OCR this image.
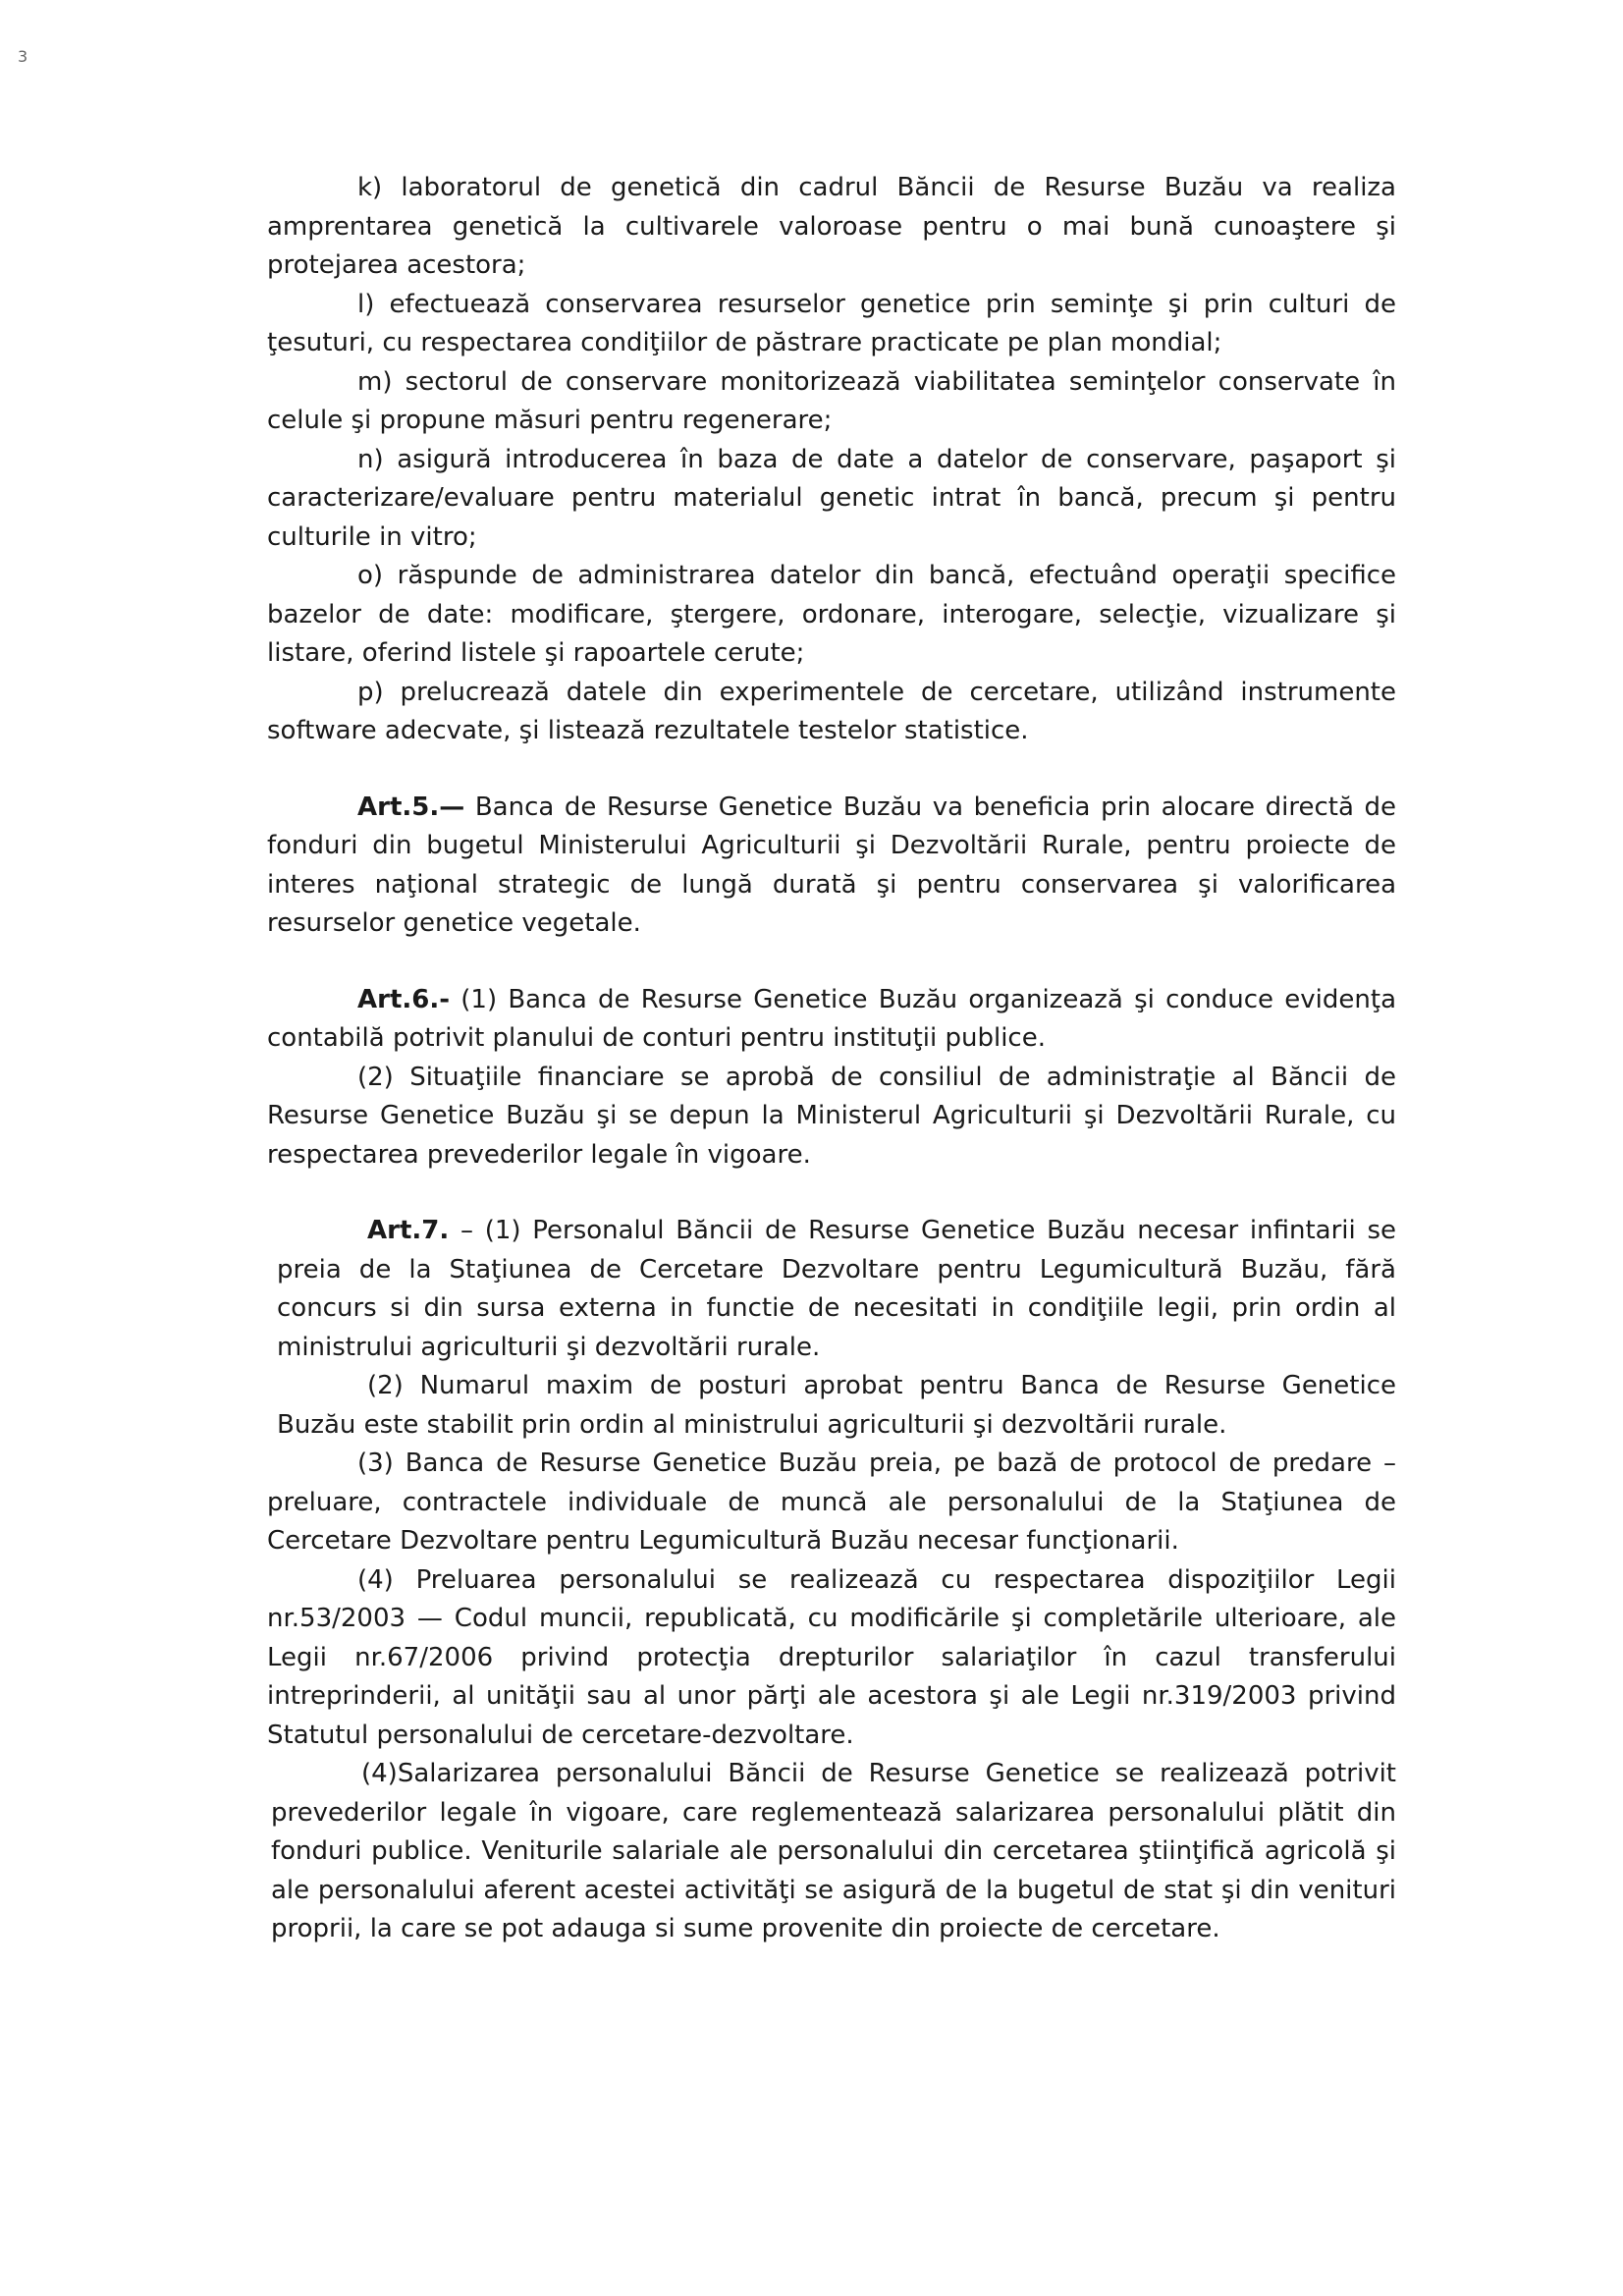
3

k) laboratorul de genetică din cadrul Băncii de Resurse Buzău va realiza amprentarea genetică la cultivarele valoroase pentru o mai bună cunoaştere şi protejarea acestora;

l) efectuează conservarea resurselor genetice prin seminţe şi prin culturi de ţesuturi, cu respectarea condiţiilor de păstrare practicate pe plan mondial;

m) sectorul de conservare monitorizează viabilitatea seminţelor conservate în celule şi propune măsuri pentru regenerare;

n) asigură introducerea în baza de date a datelor de conservare, paşaport şi caracterizare/evaluare pentru materialul genetic intrat în bancă, precum şi pentru culturile in vitro;

o) răspunde de administrarea datelor din bancă, efectuând operaţii specifice bazelor de date: modificare, ştergere, ordonare, interogare, selecţie, vizualizare şi listare, oferind listele şi rapoartele cerute;

p) prelucrează datele din experimentele de cercetare, utilizând instrumente software adecvate, şi listează rezultatele testelor statistice.

Art.5.— Banca de Resurse Genetice Buzău va beneficia prin alocare directă de fonduri din bugetul Ministerului Agriculturii şi Dezvoltării Rurale, pentru proiecte de interes naţional strategic de lungă durată şi pentru conservarea şi valorificarea resurselor genetice vegetale.

Art.6.- (1) Banca de Resurse Genetice Buzău organizează şi conduce evidenţa contabilă potrivit planului de conturi pentru instituţii publice.

(2) Situaţiile financiare se aprobă de consiliul de administraţie al Băncii de Resurse Genetice Buzău şi se depun la Ministerul Agriculturii şi Dezvoltării Rurale, cu respectarea prevederilor legale în vigoare.

Art.7. – (1) Personalul Băncii de Resurse Genetice Buzău necesar infintarii se preia de la Staţiunea de Cercetare Dezvoltare pentru Legumicultură Buzău, fără concurs si din sursa externa in functie de necesitati in condiţiile legii, prin ordin al ministrului agriculturii şi dezvoltării rurale.

(2) Numarul maxim de posturi aprobat pentru Banca de Resurse Genetice Buzău este stabilit prin ordin al ministrului agriculturii şi dezvoltării rurale.

(3) Banca de Resurse Genetice Buzău preia, pe bază de protocol de predare – preluare, contractele individuale de muncă ale personalului de la Staţiunea de Cercetare Dezvoltare pentru Legumicultură Buzău necesar funcţionarii.

(4) Preluarea personalului se realizează cu respectarea dispoziţiilor Legii nr.53/2003 — Codul muncii, republicată, cu modificările şi completările ulterioare, ale Legii nr.67/2006 privind protecţia drepturilor salariaţilor în cazul transferului intreprinderii, al unităţii sau al unor părţi ale acestora şi ale Legii nr.319/2003 privind Statutul personalului de cercetare-dezvoltare.

(4)Salarizarea personalului Băncii de Resurse Genetice se realizează potrivit prevederilor legale în vigoare, care reglementează salarizarea personalului plătit din fonduri publice. Veniturile salariale ale personalului din cercetarea ştiinţifică agricolă şi ale personalului aferent acestei activităţi se asigură de la bugetul de stat şi din venituri proprii, la care se pot adauga si sume provenite din proiecte de cercetare.
